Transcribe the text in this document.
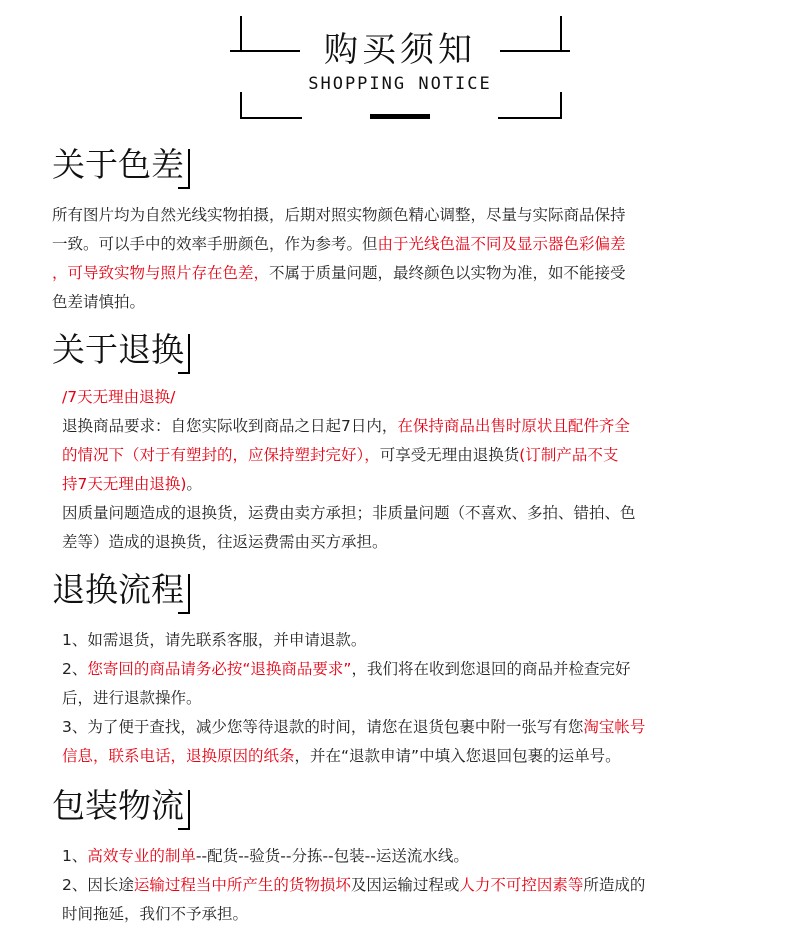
购买须知
SHOPPING NOTICE
关于色差
所有图片均为自然光线实物拍摄，后期对照实物颜色精心调整，尽量与实际商品保持
一致。可以手中的效率手册颜色，作为参考。但由于光线色温不同及显示器色彩偏差
，可导致实物与照片存在色差，不属于质量问题，最终颜色以实物为准，如不能接受
色差请慎拍。
关于退换
/7天无理由退换/
退换商品要求：自您实际收到商品之日起7日内，在保持商品出售时原状且配件齐全
的情况下（对于有塑封的，应保持塑封完好），可享受无理由退换货(订制产品不支
持7天无理由退换)。
因质量问题造成的退换货，运费由卖方承担；非质量问题（不喜欢、多拍、错拍、色
差等）造成的退换货，往返运费需由买方承担。
退换流程
1、如需退货，请先联系客服，并申请退款。
2、您寄回的商品请务必按“退换商品要求”，我们将在收到您退回的商品并检查完好
后，进行退款操作。
3、为了便于查找，减少您等待退款的时间，请您在退货包裹中附一张写有您淘宝帐号
信息，联系电话，退换原因的纸条，并在“退款申请”中填入您退回包裹的运单号。
包装物流
1、高效专业的制单--配货--验货--分拣--包装--运送流水线。
2、因长途运输过程当中所产生的货物损坏及因运输过程或人力不可控因素等所造成的
时间拖延，我们不予承担。
